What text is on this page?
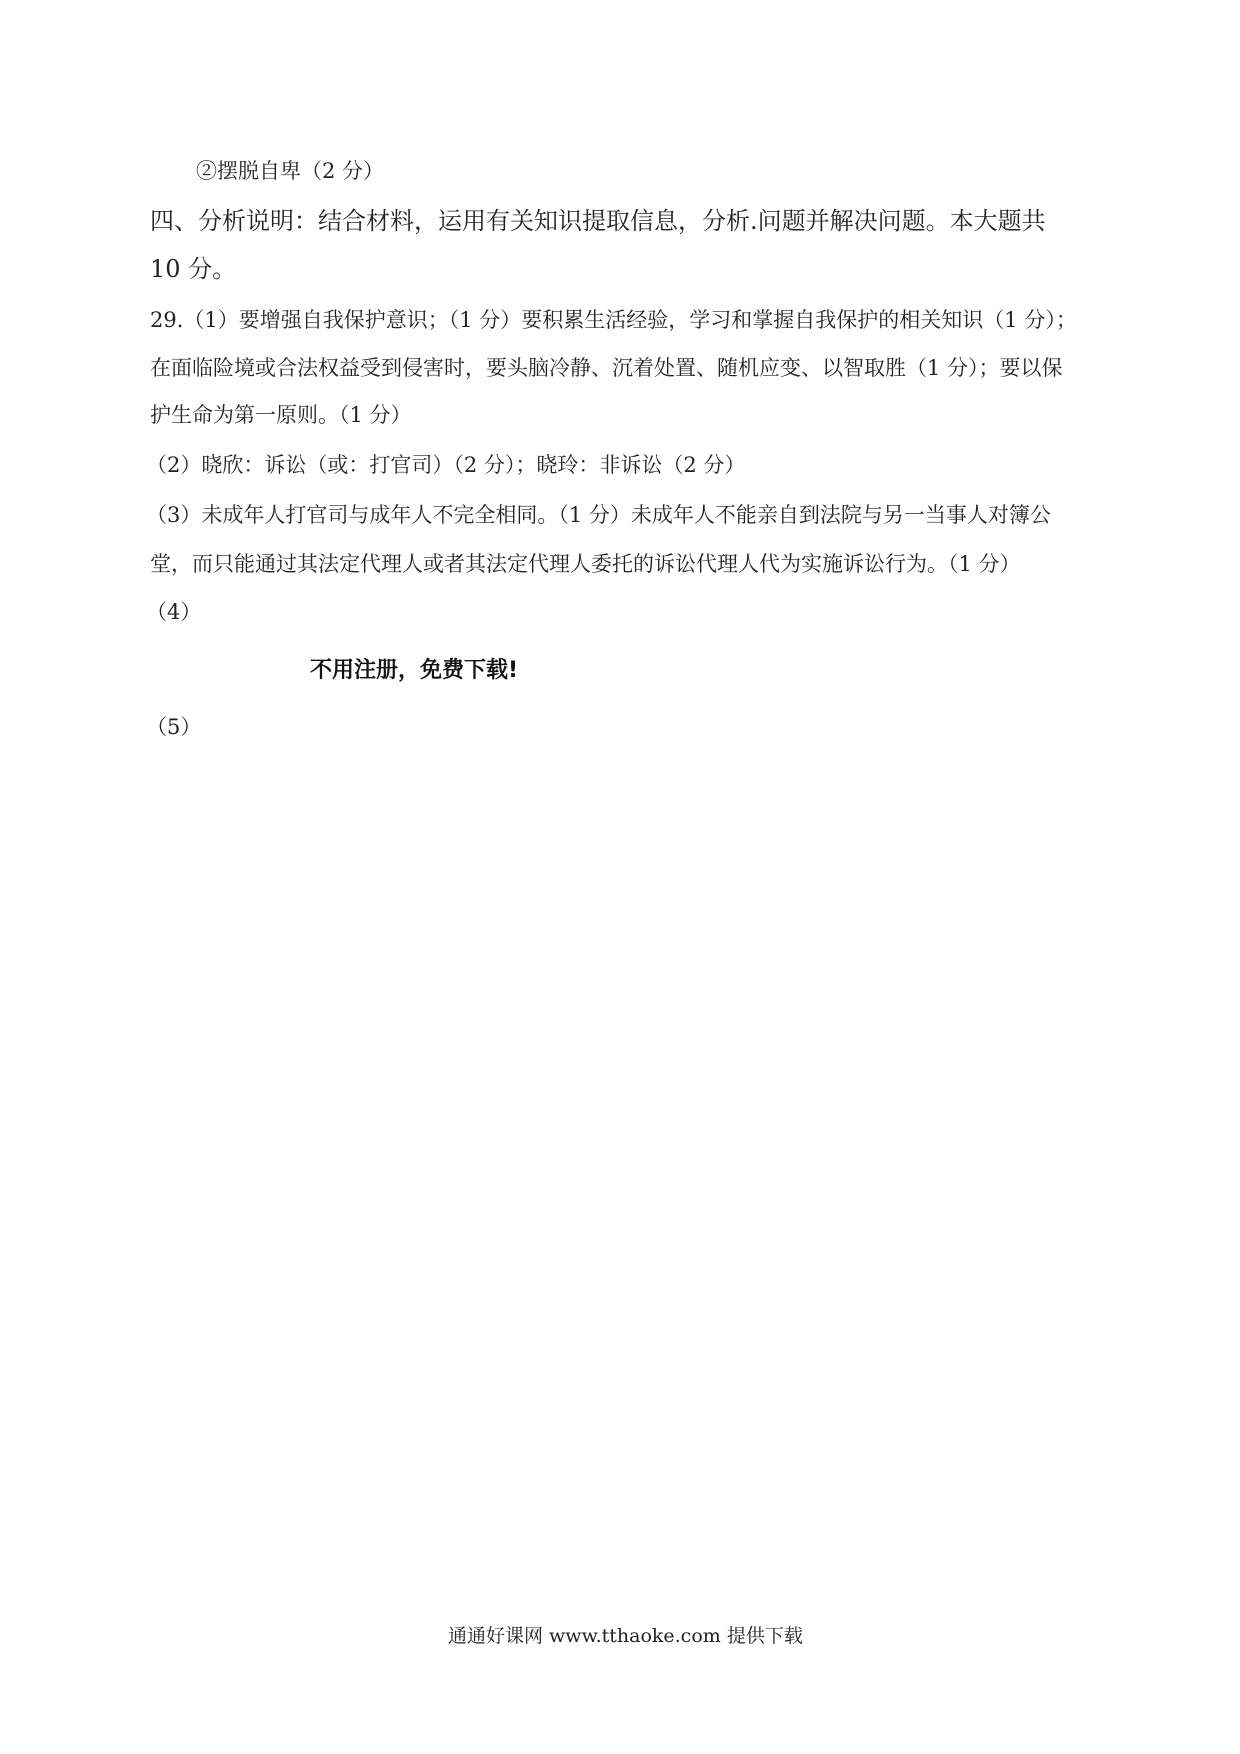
②摆脱自卑（2 分）
四、分析说明：结合材料，运用有关知识提取信息，分析.问题并解决问题。本大题共
10 分。
29.（1）要增强自我保护意识；（1 分）要积累生活经验，学习和掌握自我保护的相关知识（1 分）；
在面临险境或合法权益受到侵害时，要头脑冷静、沉着处置、随机应变、以智取胜（1 分）；要以保
护生命为第一原则。（1 分）
（2）晓欣：诉讼（或：打官司）（2 分）；晓玲：非诉讼（2 分）
（3）未成年人打官司与成年人不完全相同。（1 分）未成年人不能亲自到法院与另一当事人对簿公
堂，而只能通过其法定代理人或者其法定代理人委托的诉讼代理人代为实施诉讼行为。（1 分）
（4）
不用注册，免费下载!
（5）
通通好课网 www.tthaoke.com 提供下载
